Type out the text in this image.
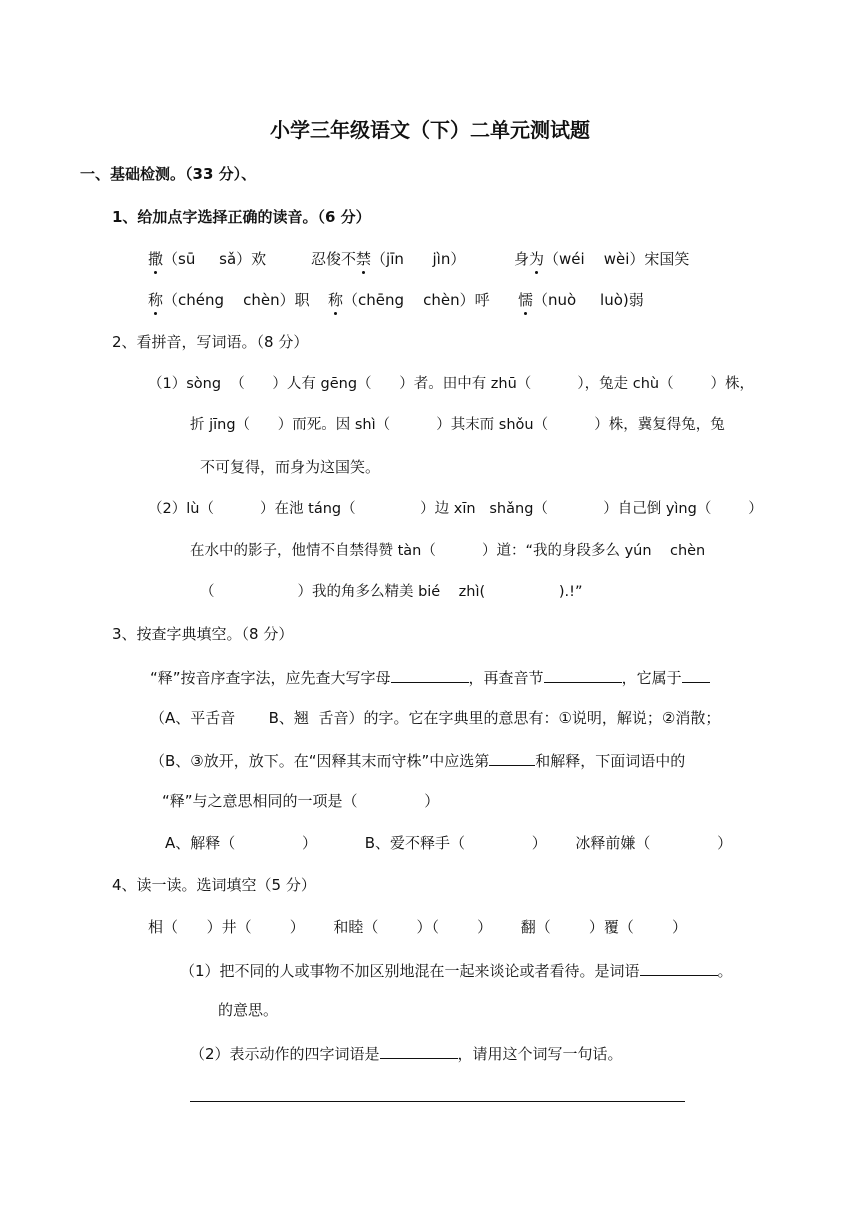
小学三年级语文（下）二单元测试题
一、基础检测。（33 分）、
1、给加点字选择正确的读音。（6 分）
撒（sū     sǎ）欢	忍俊不禁（jīn      jìn）	身为（wéi    wèi）宋国笑
称（chéng    chèn）职 称（chēng    chèn）呼 懦（nuò     luò)弱
2、看拼音，写词语。（8 分）
（1）sòng  （      ）人有 gēng（      ）者。田中有 zhū（          ），兔走 chù（        ）株，
折 jīng（      ）而死。因 shì（          ）其末而 shǒu（          ）株，冀复得兔，兔
不可复得，而身为这国笑。
（2）lù（          ）在池 táng（              ）边 xīn   shǎng（            ）自己倒 yìng（        ）
在水中的影子，他情不自禁得赞 tàn（          ）道：“我的身段多么 yún    chèn
（                  ）我的角多么精美 bié    zhì(                ).!”
3、按查字典填空。（8 分）
“释”按音序查字法，应先查大写字母	，再查音节	，它属于
（A、平舌音       B、翘  舌音）的字。它在字典里的意思有：①说明，解说；②消散；
（B、③放开，放下。在“因释其末而守株”中应选第	和解释，下面词语中的
“释”与之意思相同的一项是（              ）
A、解释（              ）          B、爱不释手（              ）      冰释前嫌（              ）
4、读一读。选词填空（5 分）
相（      ）井（        ）      和睦（        ）（        ）      翻（        ）覆（        ）
（1）把不同的人或事物不加区别地混在一起来谈论或者看待。是词语	。
的意思。
（2）表示动作的四字词语是	，请用这个词写一句话。
